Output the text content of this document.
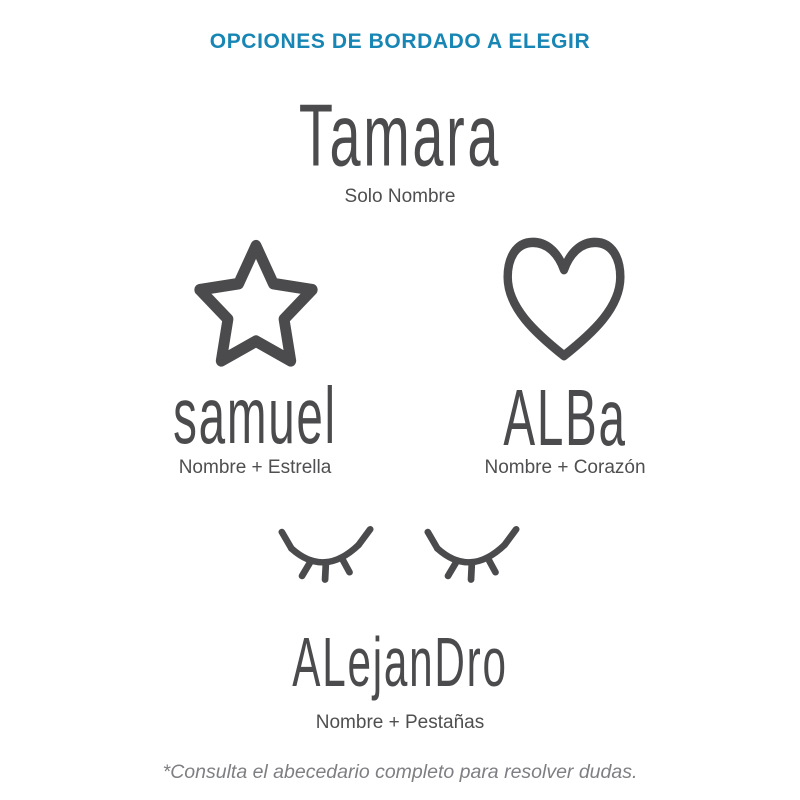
OPCIONES DE BORDADO A ELEGIR
Tamara
Solo Nombre
samuel
Nombre + Estrella
ALBa
Nombre + Corazón
ALejanDro
Nombre + Pestañas
*Consulta el abecedario completo para resolver dudas.
